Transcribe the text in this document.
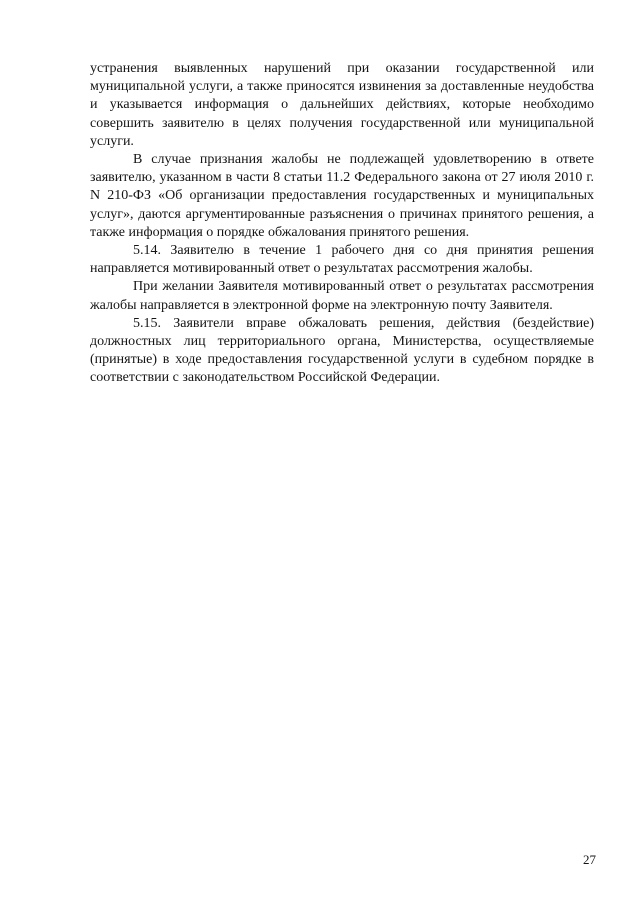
устранения выявленных нарушений при оказании государственной или муниципальной услуги, а также приносятся извинения за доставленные неудобства и указывается информация о дальнейших действиях, которые необходимо совершить заявителю в целях получения государственной или муниципальной услуги.

В случае признания жалобы не подлежащей удовлетворению в ответе заявителю, указанном в части 8 статьи 11.2 Федерального закона от 27 июля 2010 г. N 210-ФЗ «Об организации предоставления государственных и муниципальных услуг», даются аргументированные разъяснения о причинах принятого решения, а также информация о порядке обжалования принятого решения.

5.14. Заявителю в течение 1 рабочего дня со дня принятия решения направляется мотивированный ответ о результатах рассмотрения жалобы.

При желании Заявителя мотивированный ответ о результатах рассмотрения жалобы направляется в электронной форме на электронную почту Заявителя.

5.15. Заявители вправе обжаловать решения, действия (бездействие) должностных лиц территориального органа, Министерства, осуществляемые (принятые) в ходе предоставления государственной услуги в судебном порядке в соответствии с законодательством Российской Федерации.

27
